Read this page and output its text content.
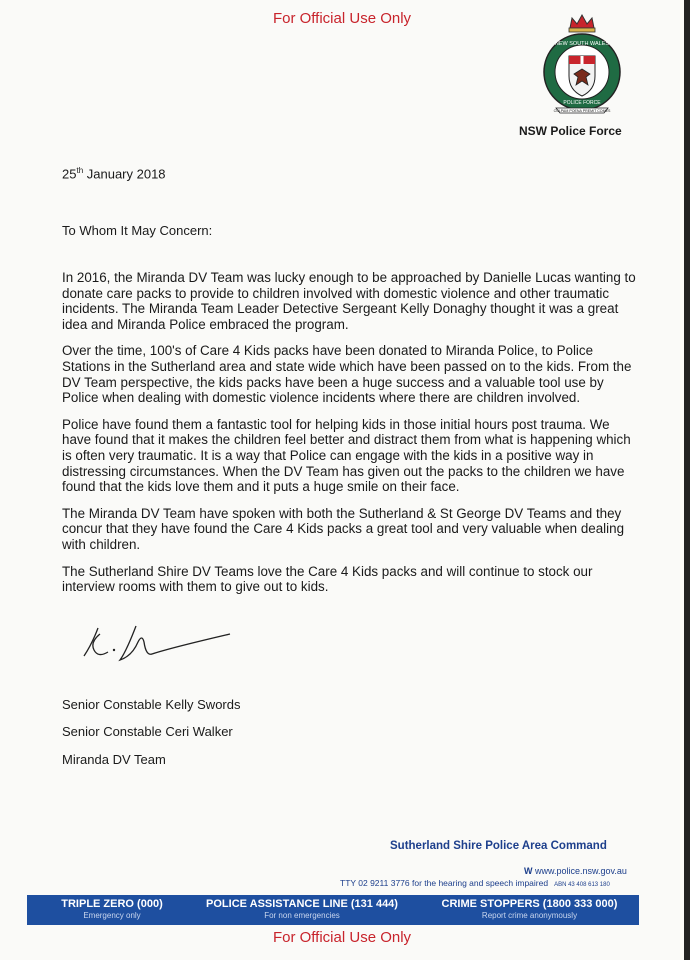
For Official Use Only
NEW SOUTH WALES
POLICE FORCE
CULPAM POENA PREMIT COMES
NSW Police Force
25th January 2018
To Whom It May Concern:

In 2016, the Miranda DV Team was lucky enough to be approached by Danielle Lucas wanting to donate care packs to provide to children involved with domestic violence and other traumatic incidents. The Miranda Team Leader Detective Sergeant Kelly Donaghy thought it was a great idea and Miranda Police embraced the program.

Over the time, 100's of Care 4 Kids packs have been donated to Miranda Police, to Police Stations in the Sutherland area and state wide which have been passed on to the kids. From the DV Team perspective, the kids packs have been a huge success and a valuable tool use by Police when dealing with domestic violence incidents where there are children involved.

Police have found them a fantastic tool for helping kids in those initial hours post trauma. We have found that it makes the children feel better and distract them from what is happening which is often very traumatic. It is a way that Police can engage with the kids in a positive way in distressing circumstances. When the DV Team has given out the packs to the children we have found that the kids love them and it puts a huge smile on their face.

The Miranda DV Team have spoken with both the Sutherland & St George DV Teams and they concur that they have found the Care 4 Kids packs a great tool and very valuable when dealing with children.

The Sutherland Shire DV Teams love the Care 4 Kids packs and will continue to stock our interview rooms with them to give out to kids.

Senior Constable Kelly Swords
Senior Constable Ceri Walker
Miranda DV Team
Sutherland Shire Police Area Command
W www.police.nsw.gov.au
TTY 02 9211 3776 for the hearing and speech impaired ABN 43 408 613 180
TRIPLE ZERO (000)
Emergency only
POLICE ASSISTANCE LINE (131 444)
For non emergencies
CRIME STOPPERS (1800 333 000)
Report crime anonymously
For Official Use Only
